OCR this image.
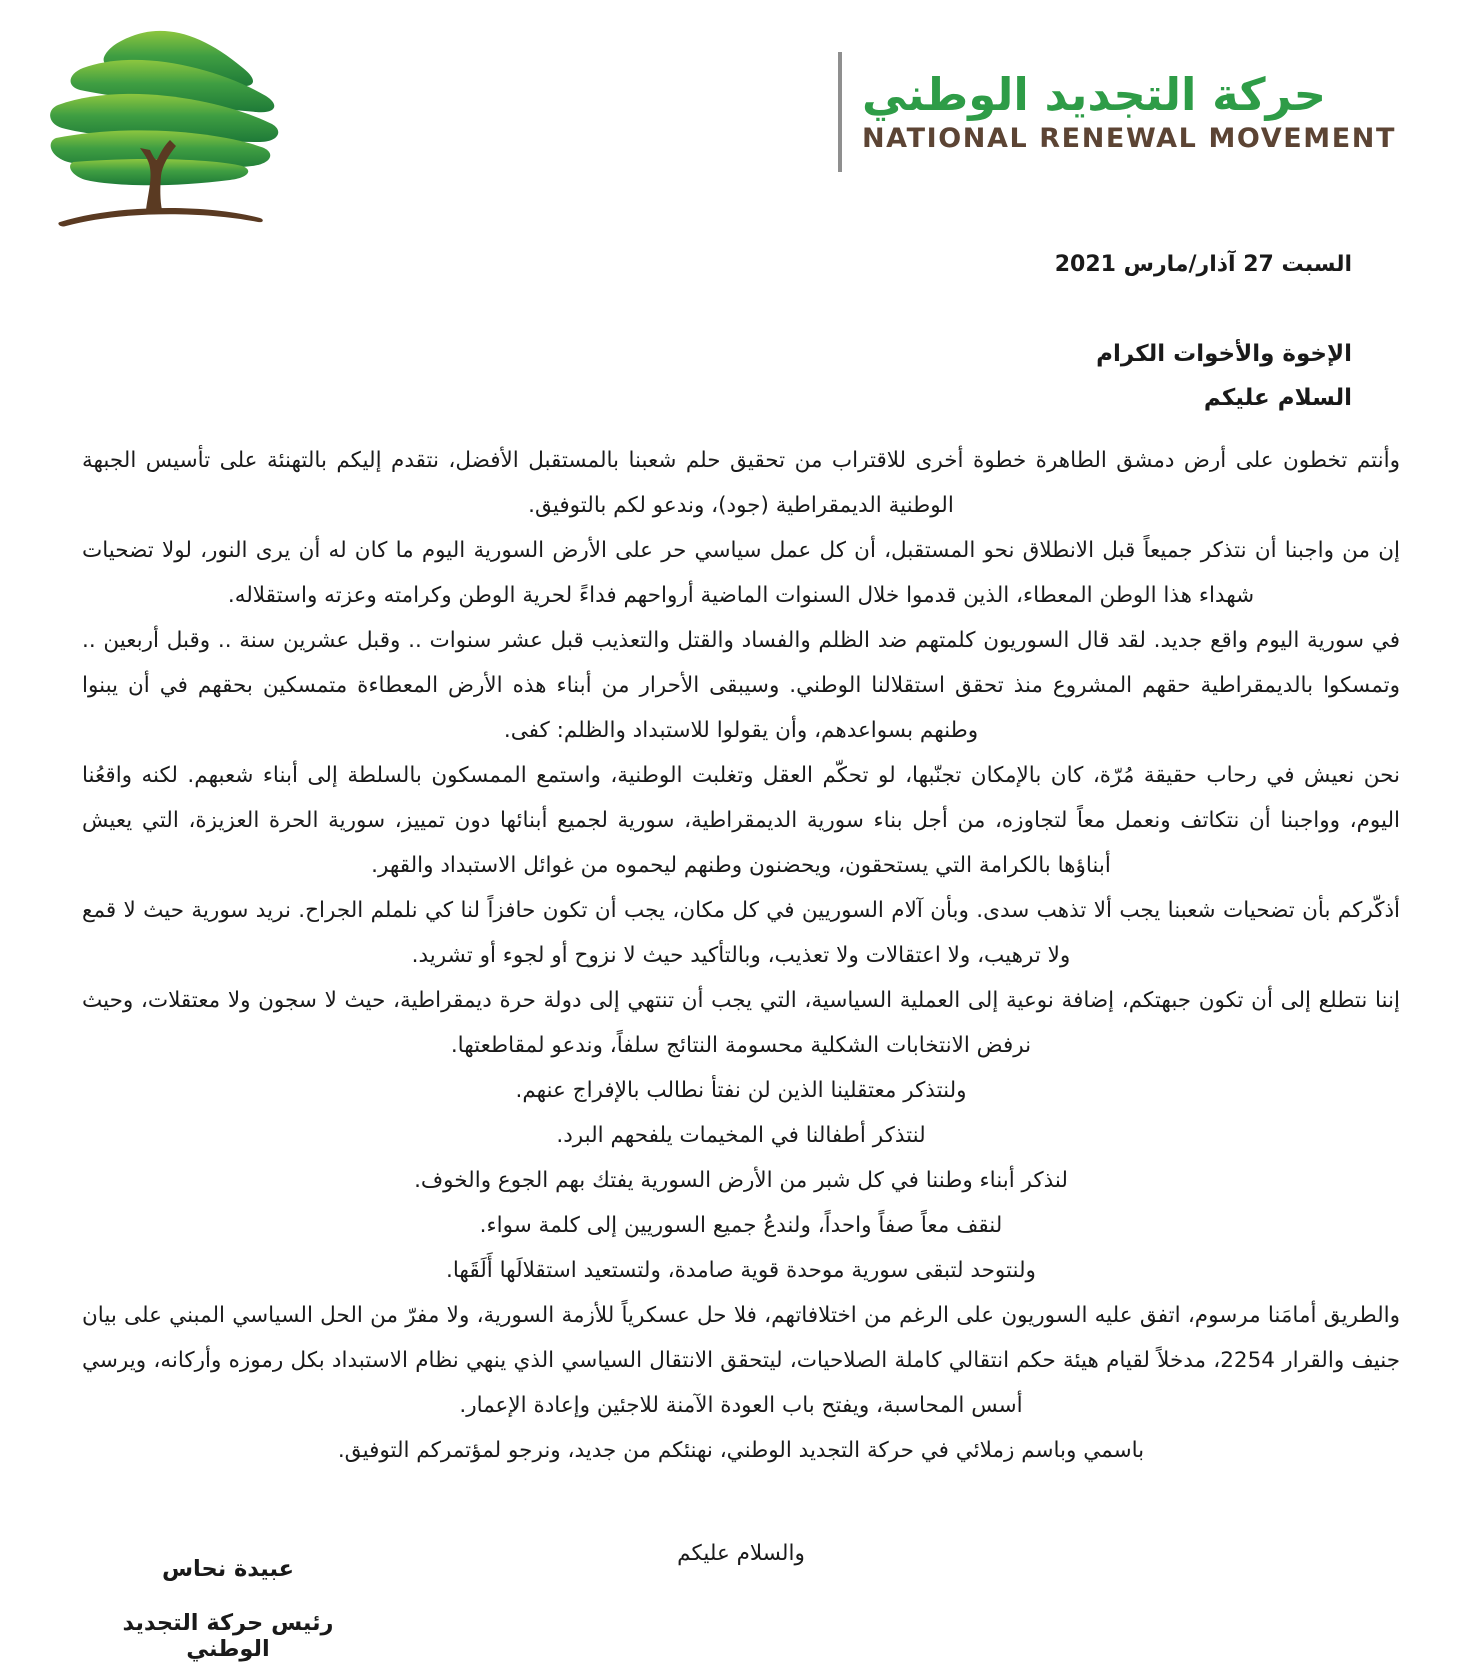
حركة التجديد الوطني
NATIONAL RENEWAL MOVEMENT
السبت 27 آذار/مارس 2021
الإخوة والأخوات الكرام
السلام عليكم

وأنتم تخطون على أرض دمشق الطاهرة خطوة أخرى للاقتراب من تحقيق حلم شعبنا بالمستقبل الأفضل، نتقدم إليكم بالتهنئة على تأسيس الجبهة الوطنية الديمقراطية (جود)، وندعو لكم بالتوفيق.

إن من واجبنا أن نتذكر جميعاً قبل الانطلاق نحو المستقبل، أن كل عمل سياسي حر على الأرض السورية اليوم ما كان له أن يرى النور، لولا تضحيات شهداء هذا الوطن المعطاء، الذين قدموا خلال السنوات الماضية أرواحهم فداءً لحرية الوطن وكرامته وعزته واستقلاله.

في سورية اليوم واقع جديد. لقد قال السوريون كلمتهم ضد الظلم والفساد والقتل والتعذيب قبل عشر سنوات .. وقبل عشرين سنة .. وقبل أربعين .. وتمسكوا بالديمقراطية حقهم المشروع منذ تحقق استقلالنا الوطني. وسيبقى الأحرار من أبناء هذه الأرض المعطاءة متمسكين بحقهم في أن يبنوا وطنهم بسواعدهم، وأن يقولوا للاستبداد والظلم: كفى.

نحن نعيش في رحاب حقيقة مُرّة، كان بالإمكان تجنّبها، لو تحكّم العقل وتغلبت الوطنية، واستمع الممسكون بالسلطة إلى أبناء شعبهم. لكنه واقعُنا اليوم، وواجبنا أن نتكاتف ونعمل معاً لتجاوزه، من أجل بناء سورية الديمقراطية، سورية لجميع أبنائها دون تمييز، سورية الحرة العزيزة، التي يعيش أبناؤها بالكرامة التي يستحقون، ويحضنون وطنهم ليحموه من غوائل الاستبداد والقهر.

أذكّركم بأن تضحيات شعبنا يجب ألا تذهب سدى. وبأن آلام السوريين في كل مكان، يجب أن تكون حافزاً لنا كي نلملم الجراح. نريد سورية حيث لا قمع ولا ترهيب، ولا اعتقالات ولا تعذيب، وبالتأكيد حيث لا نزوح أو لجوء أو تشريد.

إننا نتطلع إلى أن تكون جبهتكم، إضافة نوعية إلى العملية السياسية، التي يجب أن تنتهي إلى دولة حرة ديمقراطية، حيث لا سجون ولا معتقلات، وحيث نرفض الانتخابات الشكلية محسومة النتائج سلفاً، وندعو لمقاطعتها.

ولنتذكر معتقلينا الذين لن نفتأ نطالب بالإفراج عنهم.

لنتذكر أطفالنا في المخيمات يلفحهم البرد.

لنذكر أبناء وطننا في كل شبر من الأرض السورية يفتك بهم الجوع والخوف.

لنقف معاً صفاً واحداً، ولندعُ جميع السوريين إلى كلمة سواء.

ولنتوحد لتبقى سورية موحدة قوية صامدة، ولتستعيد استقلالَها أَلَقَها.

والطريق أمامَنا مرسوم، اتفق عليه السوريون على الرغم من اختلافاتهم، فلا حل عسكرياً للأزمة السورية، ولا مفرّ من الحل السياسي المبني على بيان جنيف والقرار 2254، مدخلاً لقيام هيئة حكم انتقالي كاملة الصلاحيات، ليتحقق الانتقال السياسي الذي ينهي نظام الاستبداد بكل رموزه وأركانه، ويرسي أسس المحاسبة، ويفتح باب العودة الآمنة للاجئين وإعادة الإعمار.

باسمي وباسم زملائي في حركة التجديد الوطني، نهنئكم من جديد، ونرجو لمؤتمركم التوفيق.

والسلام عليكم
عبيدة نحاس
رئيس حركة التجديد الوطني
